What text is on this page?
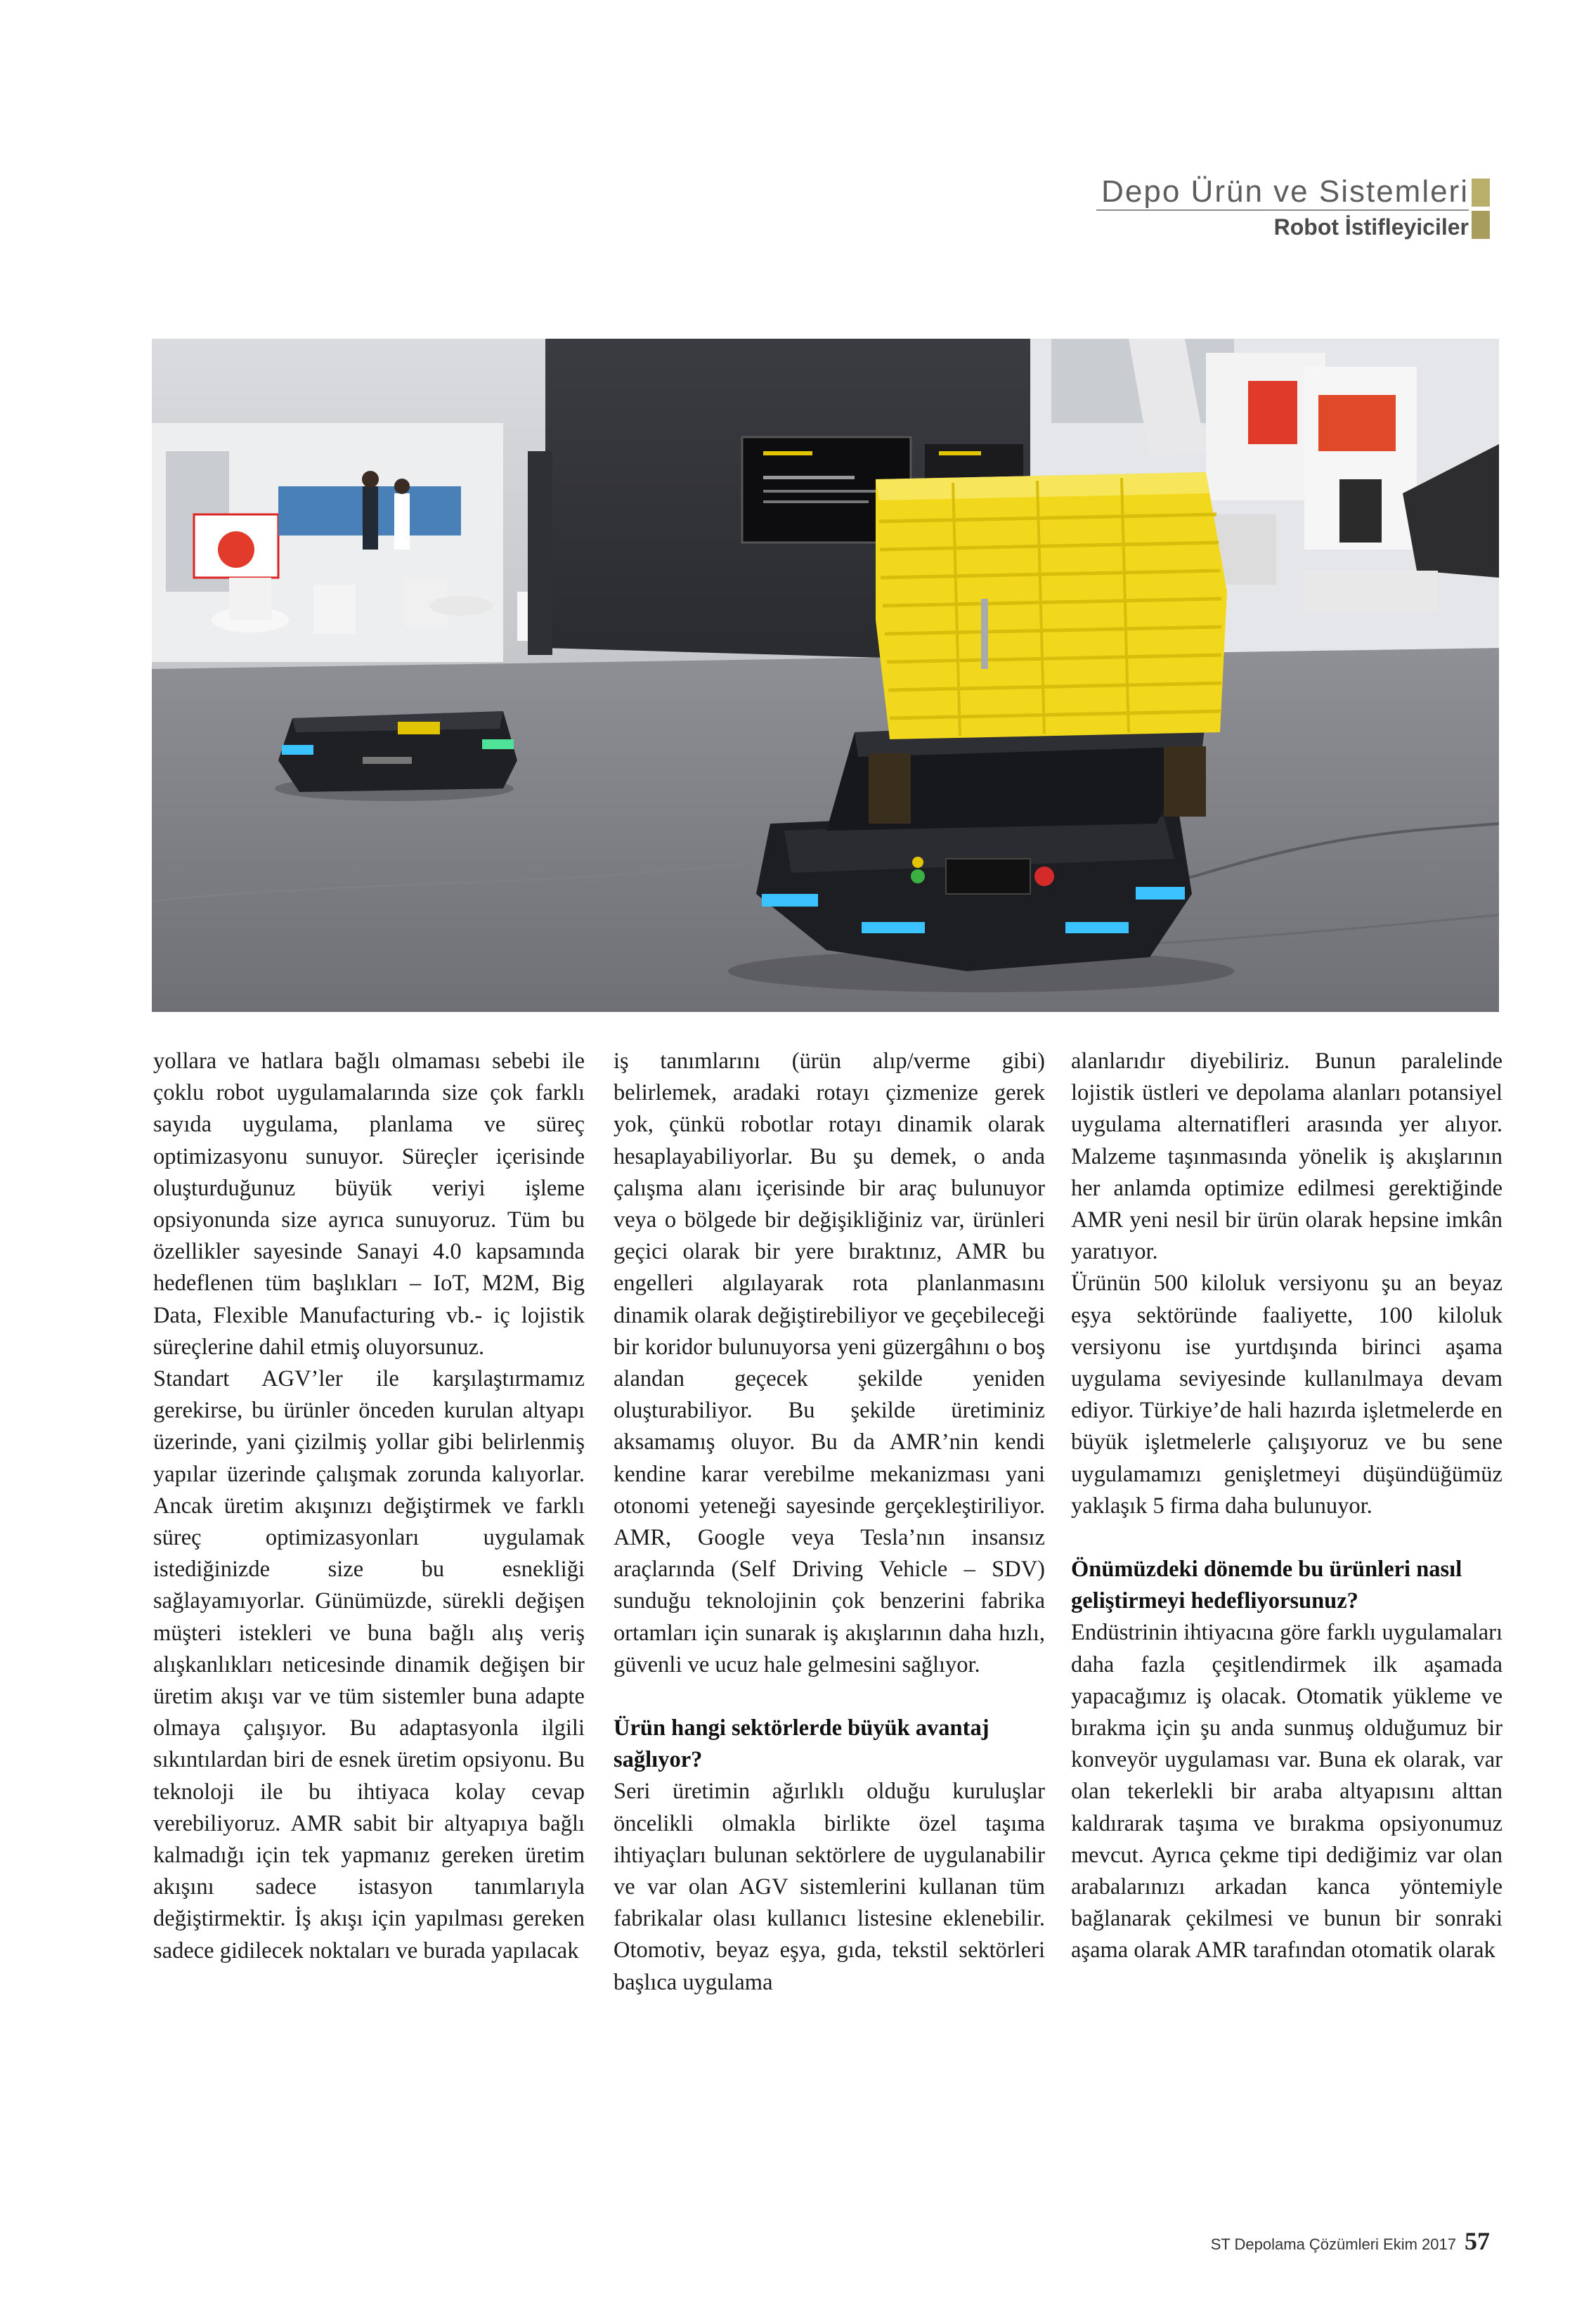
Depo Ürün ve Sistemleri
Robot İstifleyiciler

yollara ve hatlara bağlı olmaması sebebi ile çoklu robot uygulamalarında size çok farklı sayıda uygulama, planlama ve süreç optimizasyonu sunuyor. Süreçler içerisinde oluşturduğunuz büyük veriyi işleme opsiyonunda size ayrıca sunuyoruz. Tüm bu özellikler sayesinde Sanayi 4.0 kapsamında hedeflenen tüm başlıkları – IoT, M2M, Big Data, Flexible Manufacturing vb.- iç lojistik süreçlerine dahil etmiş oluyorsunuz.

Standart AGV’ler ile karşılaştırmamız gerekirse, bu ürünler önceden kurulan altyapı üzerinde, yani çizilmiş yollar gibi belirlenmiş yapılar üzerinde çalışmak zorunda kalıyorlar. Ancak üretim akışınızı değiştirmek ve farklı süreç optimizasyonları uygulamak istediğinizde size bu esnekliği sağlayamıyorlar. Günümüzde, sürekli değişen müşteri istekleri ve buna bağlı alış veriş alışkanlıkları neticesinde dinamik değişen bir üretim akışı var ve tüm sistemler buna adapte olmaya çalışıyor. Bu adaptasyonla ilgili sıkıntılardan biri de esnek üretim opsiyonu. Bu teknoloji ile bu ihtiyaca kolay cevap verebiliyoruz. AMR sabit bir altyapıya bağlı kalmadığı için tek yapmanız gereken üretim akışını sadece istasyon tanımlarıyla değiştirmektir. İş akışı için yapılması gereken sadece gidilecek noktaları ve burada yapılacak

iş tanımlarını (ürün alıp/verme gibi) belirlemek, aradaki rotayı çizmenize gerek yok, çünkü robotlar rotayı dinamik olarak hesaplayabiliyorlar. Bu şu demek, o anda çalışma alanı içerisinde bir araç bulunuyor veya o bölgede bir değişikliğiniz var, ürünleri geçici olarak bir yere bıraktınız, AMR bu engelleri algılayarak rota planlanmasını dinamik olarak değiştirebiliyor ve geçebileceği bir koridor bulunuyorsa yeni güzergâhını o boş alandan geçecek şekilde yeniden oluşturabiliyor. Bu şekilde üretiminiz aksamamış oluyor. Bu da AMR’nin kendi kendine karar verebilme mekanizması yani otonomi yeteneği sayesinde gerçekleştiriliyor. AMR, Google veya Tesla’nın insansız araçlarında (Self Driving Vehicle – SDV) sunduğu teknolojinin çok benzerini fabrika ortamları için sunarak iş akışlarının daha hızlı, güvenli ve ucuz hale gelmesini sağlıyor.

Ürün hangi sektörlerde büyük avantaj sağlıyor?

Seri üretimin ağırlıklı olduğu kuruluşlar öncelikli olmakla birlikte özel taşıma ihtiyaçları bulunan sektörlere de uygulanabilir ve var olan AGV sistemlerini kullanan tüm fabrikalar olası kullanıcı listesine eklenebilir. Otomotiv, beyaz eşya, gıda, tekstil sektörleri başlıca uygulama

alanlarıdır diyebiliriz. Bunun paralelinde lojistik üstleri ve depolama alanları potansiyel uygulama alternatifleri arasında yer alıyor. Malzeme taşınmasında yönelik iş akışlarının her anlamda optimize edilmesi gerektiğinde AMR yeni nesil bir ürün olarak hepsine imkân yaratıyor.

Ürünün 500 kiloluk versiyonu şu an beyaz eşya sektöründe faaliyette, 100 kiloluk versiyonu ise yurtdışında birinci aşama uygulama seviyesinde kullanılmaya devam ediyor. Türkiye’de hali hazırda işletmelerde en büyük işletmelerle çalışıyoruz ve bu sene uygulamamızı genişletmeyi düşündüğümüz yaklaşık 5 firma daha bulunuyor.

Önümüzdeki dönemde bu ürünleri nasıl geliştirmeyi hedefliyorsunuz?

Endüstrinin ihtiyacına göre farklı uygulamaları daha fazla çeşitlendirmek ilk aşamada yapacağımız iş olacak. Otomatik yükleme ve bırakma için şu anda sunmuş olduğumuz bir konveyör uygulaması var. Buna ek olarak, var olan tekerlekli bir araba altyapısını alttan kaldırarak taşıma ve bırakma opsiyonumuz mevcut. Ayrıca çekme tipi dediğimiz var olan arabalarınızı arkadan kanca yöntemiyle bağlanarak çekilmesi ve bunun bir sonraki aşama olarak AMR tarafından otomatik olarak

ST Depolama Çözümleri Ekim 2017 57
